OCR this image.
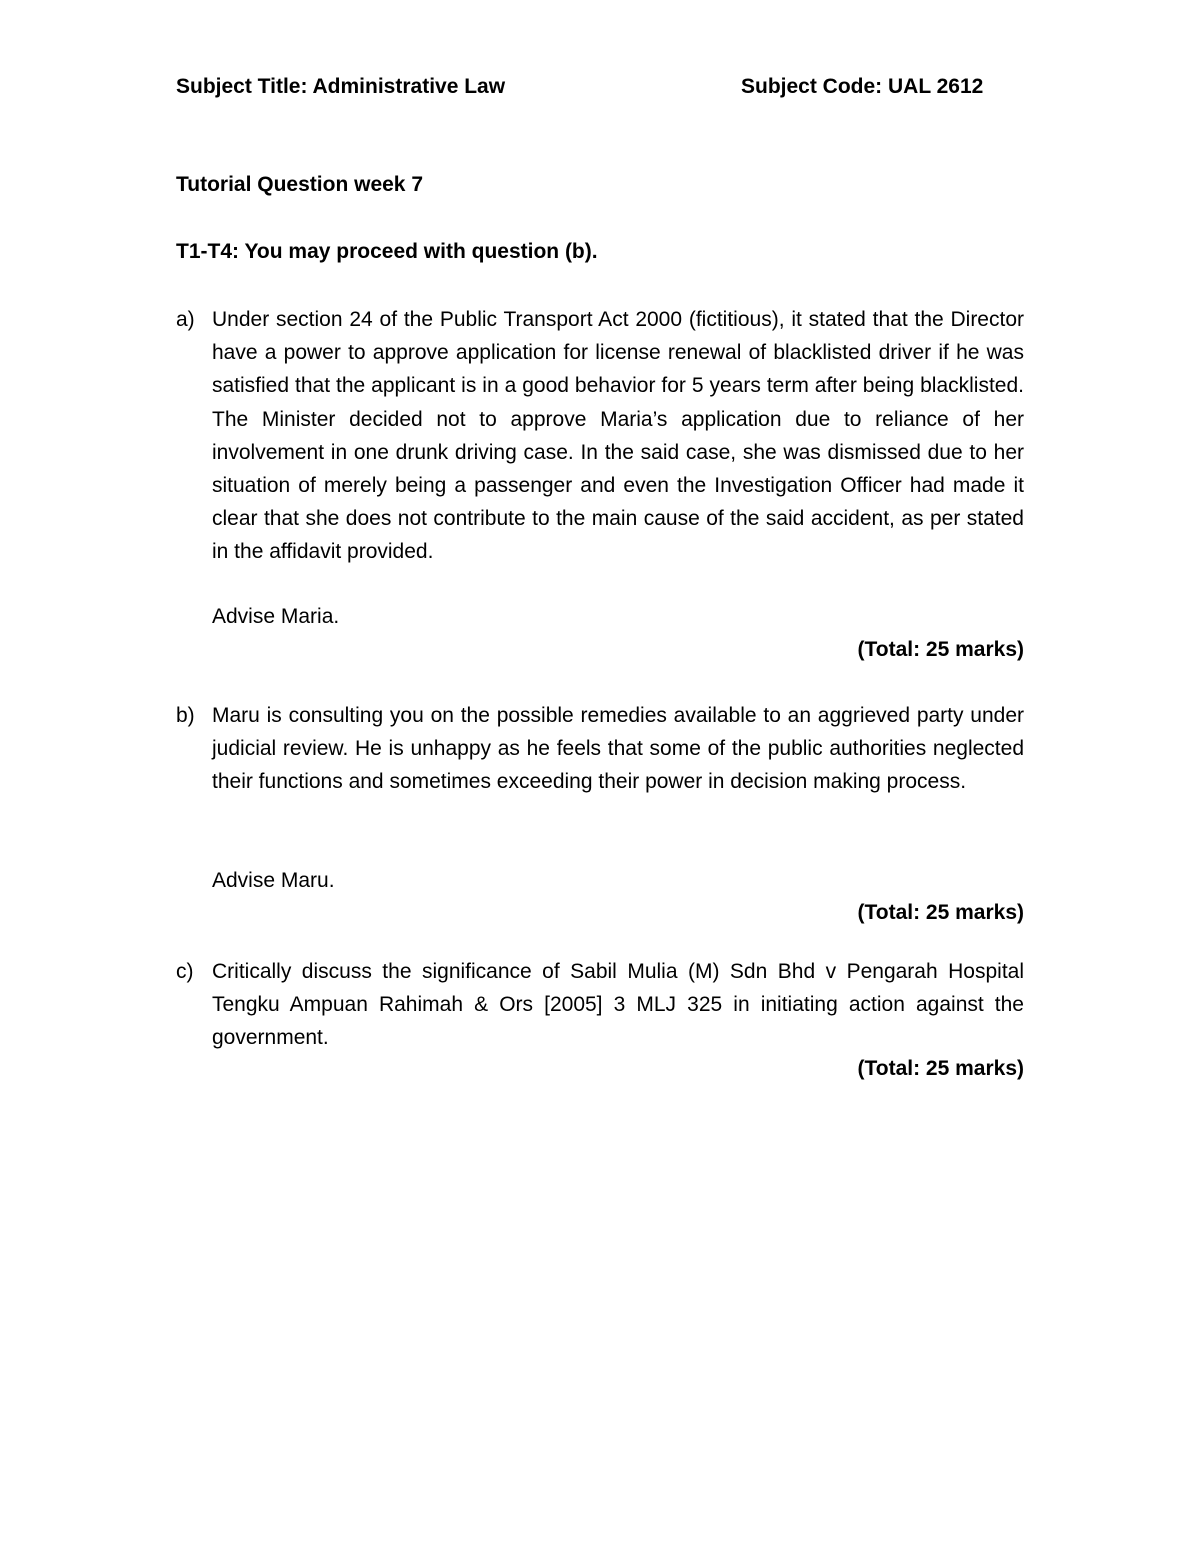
Subject Title: Administrative Law	Subject Code: UAL 2612
Tutorial Question week 7
T1-T4: You may proceed with question (b).
a) Under section 24 of the Public Transport Act 2000 (fictitious), it stated that the Director have a power to approve application for license renewal of blacklisted driver if he was satisfied that the applicant is in a good behavior for 5 years term after being blacklisted. The Minister decided not to approve Maria’s application due to reliance of her involvement in one drunk driving case. In the said case, she was dismissed due to her situation of merely being a passenger and even the Investigation Officer had made it clear that she does not contribute to the main cause of the said accident, as per stated in the affidavit provided.

Advise Maria.
(Total: 25 marks)
b) Maru is consulting you on the possible remedies available to an aggrieved party under judicial review. He is unhappy as he feels that some of the public authorities neglected their functions and sometimes exceeding their power in decision making process.

Advise Maru.
(Total: 25 marks)
c) Critically discuss the significance of Sabil Mulia (M) Sdn Bhd v Pengarah Hospital Tengku Ampuan Rahimah & Ors [2005] 3 MLJ 325 in initiating action against the government.

(Total: 25 marks)
